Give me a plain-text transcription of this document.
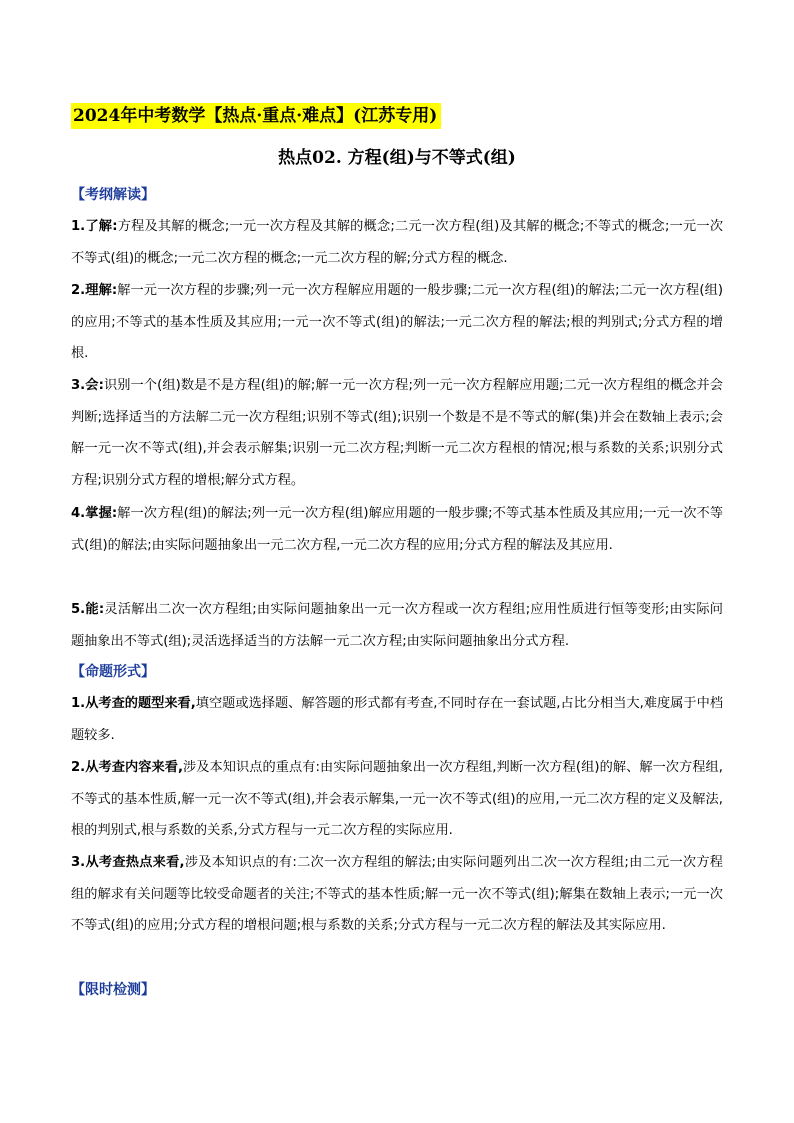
2024年中考数学【热点·重点·难点】(江苏专用)
热点02. 方程(组)与不等式(组)
【考纲解读】

1.了解:方程及其解的概念;一元一次方程及其解的概念;二元一次方程(组)及其解的概念;不等式的概念;一元一次不等式(组)的概念;一元二次方程的概念;一元二次方程的解;分式方程的概念.

2.理解:解一元一次方程的步骤;列一元一次方程解应用题的一般步骤;二元一次方程(组)的解法;二元一次方程(组)的应用;不等式的基本性质及其应用;一元一次不等式(组)的解法;一元二次方程的解法;根的判别式;分式方程的增根.

3.会:识别一个(组)数是不是方程(组)的解;解一元一次方程;列一元一次方程解应用题;二元一次方程组的概念并会判断;选择适当的方法解二元一次方程组;识别不等式(组);识别一个数是不是不等式的解(集)并会在数轴上表示;会解一元一次不等式(组),并会表示解集;识别一元二次方程;判断一元二次方程根的情况;根与系数的关系;识别分式方程;识别分式方程的增根;解分式方程。

4.掌握:解一次方程(组)的解法;列一元一次方程(组)解应用题的一般步骤;不等式基本性质及其应用;一元一次不等式(组)的解法;由实际问题抽象出一元二次方程,一元二次方程的应用;分式方程的解法及其应用.

5.能:灵活解出二次一次方程组;由实际问题抽象出一元一次方程或一次方程组;应用性质进行恒等变形;由实际问题抽象出不等式(组);灵活选择适当的方法解一元二次方程;由实际问题抽象出分式方程.

【命题形式】

1.从考查的题型来看,填空题或选择题、解答题的形式都有考查,不同时存在一套试题,占比分相当大,难度属于中档题较多.

2.从考查内容来看,涉及本知识点的重点有:由实际问题抽象出一次方程组,判断一次方程(组)的解、解一次方程组,不等式的基本性质,解一元一次不等式(组),并会表示解集,一元一次不等式(组)的应用,一元二次方程的定义及解法,根的判别式,根与系数的关系,分式方程与一元二次方程的实际应用.

3.从考查热点来看,涉及本知识点的有:二次一次方程组的解法;由实际问题列出二次一次方程组;由二元一次方程组的解求有关问题等比较受命题者的关注;不等式的基本性质;解一元一次不等式(组);解集在数轴上表示;一元一次不等式(组)的应用;分式方程的增根问题;根与系数的关系;分式方程与一元二次方程的解法及其实际应用.

【限时检测】
